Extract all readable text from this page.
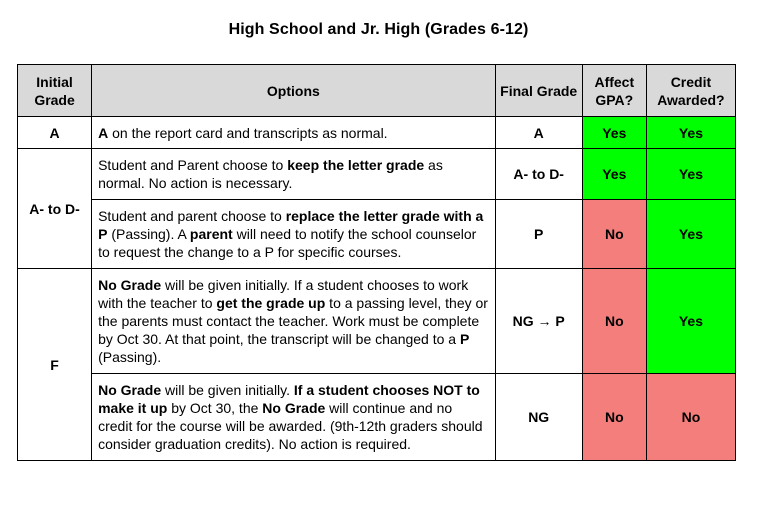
High School and Jr. High (Grades 6-12)
Initial Grade	Options	Final Grade	Affect GPA?	Credit Awarded?
A	A on the report card and transcripts as normal.	A	Yes	Yes
A- to D-	Student and Parent choose to keep the letter grade as normal. No action is necessary.	A- to D-	Yes	Yes
	Student and parent choose to replace the letter grade with a P (Passing). A parent will need to notify the school counselor to request the change to a P for specific courses.	P	No	Yes
F	No Grade will be given initially. If a student chooses to work with the teacher to get the grade up to a passing level, they or the parents must contact the teacher. Work must be complete by Oct 30. At that point, the transcript will be changed to a P (Passing).	NG → P	No	Yes
	No Grade will be given initially. If a student chooses NOT to make it up by Oct 30, the No Grade will continue and no credit for the course will be awarded. (9th-12th graders should consider graduation credits). No action is required.	NG	No	No
